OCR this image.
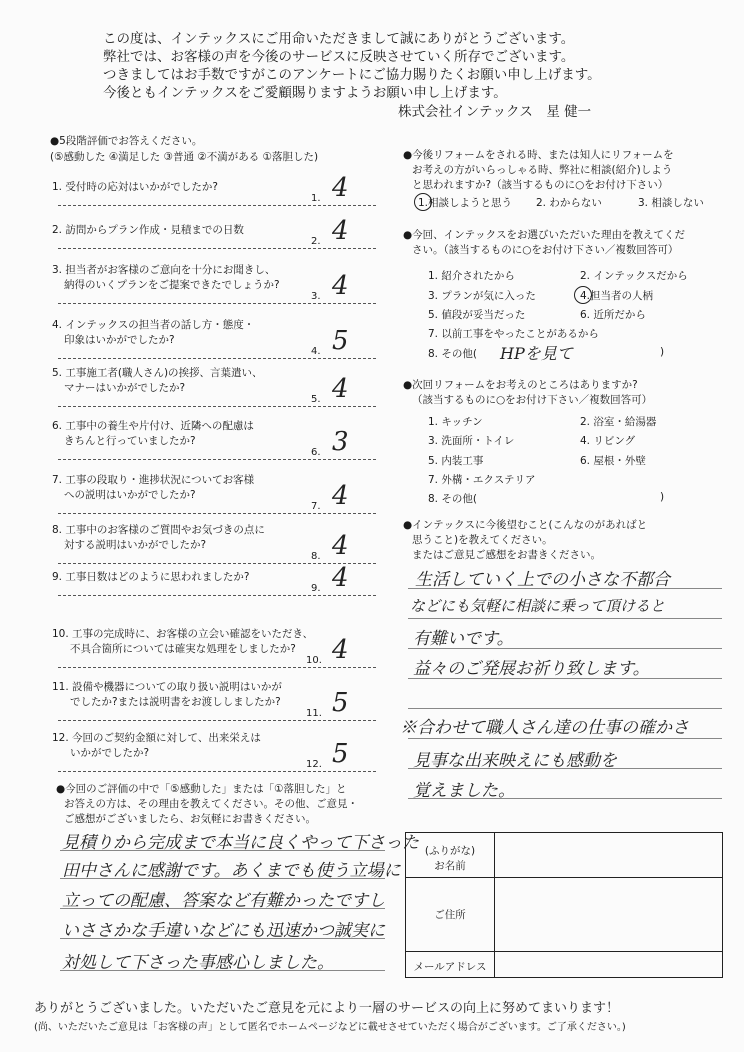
この度は、インテックスにご用命いただきまして誠にありがとうございます。
弊社では、お客様の声を今後のサービスに反映させていく所存でございます。
つきましてはお手数ですがこのアンケートにご協力賜りたくお願い申し上げます。
今後ともインテックスをご愛顧賜りますようお願い申し上げます。
株式会社インテックス　星 健一
●5段階評価でお答えください。
(⑤感動した ④満足した ③普通 ②不満がある ①落胆した)
1. 受付時の応対はいかがでしたか?
1. 4
2. 訪問からプラン作成・見積までの日数
2. 4
3. 担当者がお客様のご意向を十分にお聞きし、
納得のいくプランをご提案できたでしょうか?
3. 4
4. インテックスの担当者の話し方・態度・
印象はいかがでしたか?
4. 5
5. 工事施工者(職人さん)の挨拶、言葉遣い、
マナーはいかがでしたか?
5. 4
6. 工事中の養生や片付け、近隣への配慮は
きちんと行っていましたか?
6. 3
7. 工事の段取り・進捗状況についてお客様
への説明はいかがでしたか?
7. 4
8. 工事中のお客様のご質問やお気づきの点に
対する説明はいかがでしたか?
8. 4
9. 工事日数はどのように思われましたか?
9. 4
10. 工事の完成時に、お客様の立会い確認をいただき、
不具合箇所については確実な処理をしましたか?
10. 4
11. 設備や機器についての取り扱い説明はいかが
でしたか?または説明書をお渡ししましたか?
11. 5
12. 今回のご契約金額に対して、出来栄えは
いかがでしたか?
12. 5
●今回のご評価の中で「⑤感動した」または「①落胆した」と
お答えの方は、その理由を教えてください。その他、ご意見・
ご感想がございましたら、お気軽にお書きください。
見積りから完成まで本当に良くやって下さった
田中さんに感謝です。あくまでも使う立場に
立っての配慮、答案など有難かったですし
いささかな手違いなどにも迅速かつ誠実に
対処して下さった事感心しました。
●今後リフォームをされる時、または知人にリフォームを
お考えの方がいらっしゃる時、弊社に相談(紹介)しよう
と思われますか?（該当するものに○をお付け下さい）
1.相談しようと思う 2. わからない	3. 相談しない
●今回、インテックスをお選びいただいた理由を教えてくだ
さい。（該当するものに○をお付け下さい／複数回答可）
1. 紹介されたから	2. インテックスだから
3. プランが気に入った	4.担当者の人柄
5. 値段が妥当だった	6. 近所だから
7. 以前工事をやったことがあるから
8. その他( HPを見て	)
●次回リフォームをお考えのところはありますか?
（該当するものに○をお付け下さい／複数回答可）
1. キッチン	2. 浴室・給湯器
3. 洗面所・トイレ	4. リビング
5. 内装工事	6. 屋根・外壁
7. 外構・エクステリア
8. その他(	)
●インテックスに今後望むこと(こんなのがあればと
思うこと)を教えてください。
またはご意見ご感想をお書きください。
生活していく上での小さな不都合
などにも気軽に相談に乗って頂けると
有難いです。
益々のご発展お祈り致します。
※合わせて職人さん達の仕事の確かさ
見事な出来映えにも感動を
覚えました。
(ふりがな)
お名前
ご住所
メールアドレス
ありがとうございました。いただいたご意見を元により一層のサービスの向上に努めてまいります！
(尚、いただいたご意見は「お客様の声」として匿名でホームページなどに載せさせていただく場合がございます。ご了承ください。)
